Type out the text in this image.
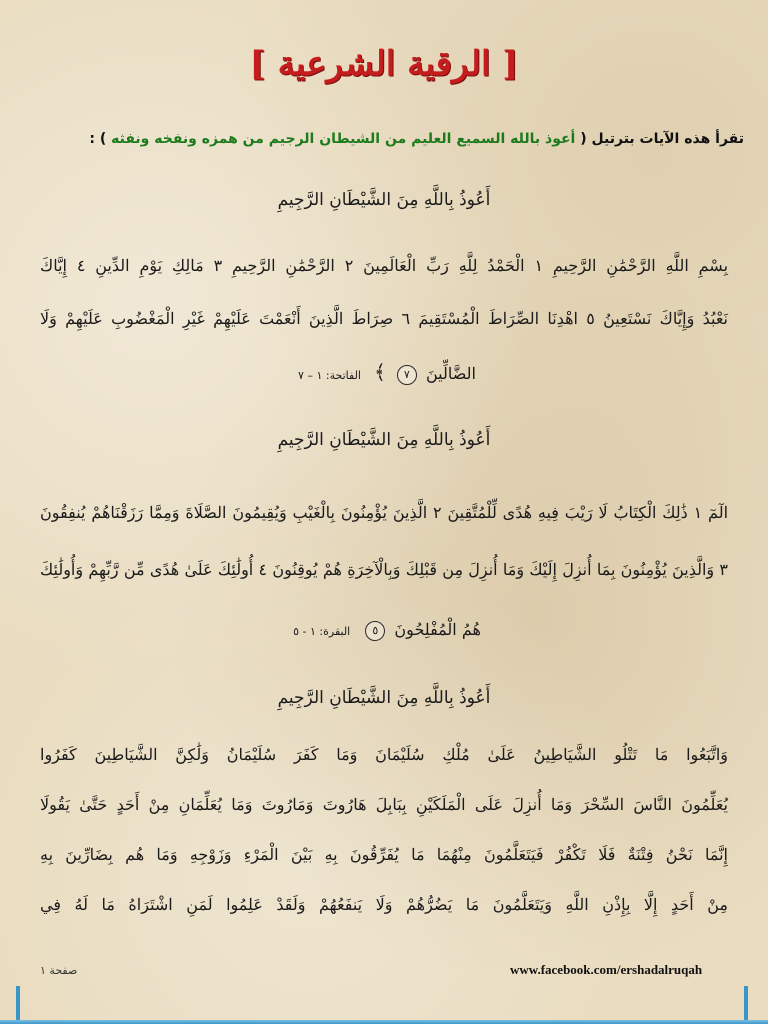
[ الرقية الشرعية ]
تقرأ هذه الآيات بترتيل ( أعوذ بالله السميع العليم من الشيطان الرجيم من همزه ونفخه ونفثه ) :
أَعُوذُ بِاللَّهِ مِنَ الشَّيْطَانِ الرَّجِيمِ
بِسْمِ اللَّهِ الرَّحْمَٰنِ الرَّحِيمِ ١ الْحَمْدُ لِلَّهِ رَبِّ الْعَالَمِينَ ٢ الرَّحْمَٰنِ الرَّحِيمِ ٣ مَالِكِ يَوْمِ الدِّينِ ٤ إِيَّاكَ
نَعْبُدُ وَإِيَّاكَ نَسْتَعِينُ ٥ اهْدِنَا الصِّرَاطَ الْمُسْتَقِيمَ ٦ صِرَاطَ الَّذِينَ أَنْعَمْتَ عَلَيْهِمْ غَيْرِ الْمَغْضُوبِ عَلَيْهِمْ وَلَا
الضَّالِّينَ ٧ ﴾ الفاتحة: ١ – ٧
أَعُوذُ بِاللَّهِ مِنَ الشَّيْطَانِ الرَّجِيمِ
الٓمٓ ١ ذَٰلِكَ الْكِتَابُ لَا رَيْبَ فِيهِ هُدًى لِّلْمُتَّقِينَ ٢ الَّذِينَ يُؤْمِنُونَ بِالْغَيْبِ وَيُقِيمُونَ الصَّلَاةَ وَمِمَّا رَزَقْنَاهُمْ يُنفِقُونَ
٣ وَالَّذِينَ يُؤْمِنُونَ بِمَا أُنزِلَ إِلَيْكَ وَمَا أُنزِلَ مِن قَبْلِكَ وَبِالْآخِرَةِ هُمْ يُوقِنُونَ ٤ أُولَٰئِكَ عَلَىٰ هُدًى مِّن رَّبِّهِمْ وَأُولَٰئِكَ
هُمُ الْمُفْلِحُونَ ٥ البقرة: ١ - ٥
أَعُوذُ بِاللَّهِ مِنَ الشَّيْطَانِ الرَّجِيمِ
وَاتَّبَعُوا مَا تَتْلُو الشَّيَاطِينُ عَلَىٰ مُلْكِ سُلَيْمَانَ وَمَا كَفَرَ سُلَيْمَانُ وَلَٰكِنَّ الشَّيَاطِينَ كَفَرُوا
يُعَلِّمُونَ النَّاسَ السِّحْرَ وَمَا أُنزِلَ عَلَى الْمَلَكَيْنِ بِبَابِلَ هَارُوتَ وَمَارُوتَ وَمَا يُعَلِّمَانِ مِنْ أَحَدٍ حَتَّىٰ يَقُولَا
إِنَّمَا نَحْنُ فِتْنَةٌ فَلَا تَكْفُرْ فَيَتَعَلَّمُونَ مِنْهُمَا مَا يُفَرِّقُونَ بِهِ بَيْنَ الْمَرْءِ وَزَوْجِهِ وَمَا هُم بِضَارِّينَ بِهِ
مِنْ أَحَدٍ إِلَّا بِإِذْنِ اللَّهِ وَيَتَعَلَّمُونَ مَا يَضُرُّهُمْ وَلَا يَنفَعُهُمْ وَلَقَدْ عَلِمُوا لَمَنِ اشْتَرَاهُ مَا لَهُ فِي
www.facebook.com/ershadalruqah
صفحة ١
